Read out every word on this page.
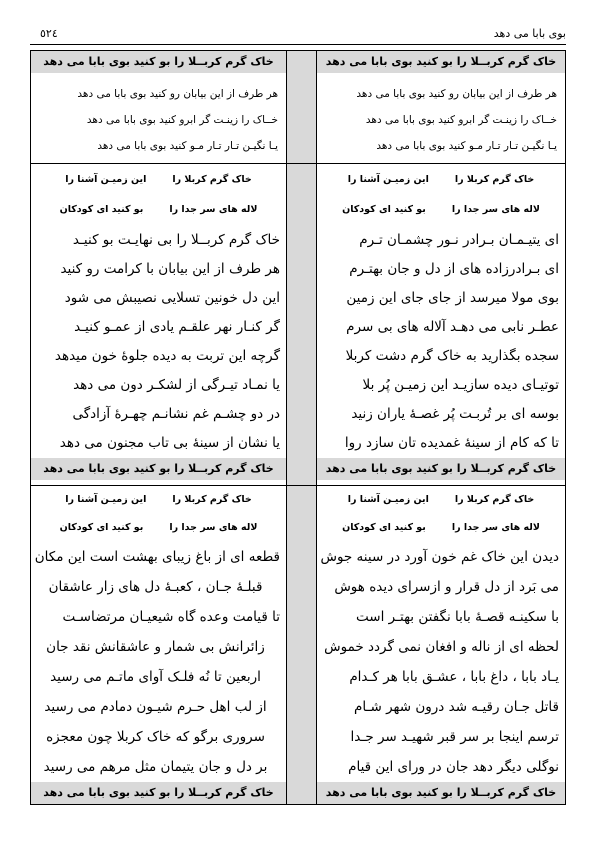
بوی بابا می دهد
٥٢٤
خاک گرم کربــلا را بو کنید بوی بابا می دهد
هر طرف از این بیابان رو کنید بوی بابا می دهد
خــاک را زینـت گر ابرو کنید بوی بابا می دهد
یـا نگیـن تـار تـار مـو کنید بوی بابا می دهد
خاک گرم کربلا رااین زمیـن آشنا را
لاله های سر جدا رابو کنید ای کودکان
ای یتیـمـان بـرادر نـور چشمـان تـرم
ای بـرادرزاده های از دل و جان بهتـرم
بوی مولا میرسد از جای جای این زمین
عطـر نابی می دهـد آلاله های بی سرم
سجده بگذارید به خاک گرم دشت کربلا
توتیـای دیده سازیـد این زمیـن پُر بلا
بوسه ای بر تُربـت پُر غصـهٔ یاران زنید
تا که کام از سینهٔ غمدیده تان سازد روا
خاک گرم کربــلا را بو کنید بوی بابا می دهد
خاک گرم کربلا رااین زمیـن آشنا را
لاله های سر جدا رابو کنید ای کودکان
دیدن این خاک غم خون آورد در سینه جوش
می بَرد از دل قرار و ازسرای دیده هوش
با سکینـه قصـهٔ بابا نگفتن بهتـر است
لحظه ای از ناله و افغان نمی گردد خموش
یـاد بابا ، داغ بابا ، عشـق بابا هر کـدام
قاتل جـان رقیـه شد درون شهر شـام
ترسم اینجا بر سر قبر شهیـد سر جـدا
نوگلی دیگر دهد جان در ورای این قیام
خاک گرم کربــلا را بو کنید بوی بابا می دهد
خاک گرم کربــلا را بو کنید بوی بابا می دهد
هر طرف از این بیابان رو کنید بوی بابا می دهد
خــاک را زینـت گر ابرو کنید بوی بابا می دهد
یـا نگیـن تـار تـار مـو کنید بوی بابا می دهد
خاک گرم کربلا رااین زمیـن آشنا را
لاله های سر جدا رابو کنید ای کودکان
خاک گرم کربــلا را بی نهایـت بو کنیـد
هر طرف از این بیابان با کرامت رو کنید
این دل خونین تسلایی نصیبش می شود
گر کنـار نهر علقـم یادی از عمـو کنیـد
گرچه این تربت به دیده جلوهٔ خون میدهد
یا نمـاد تیـرگی از لشکـر دون می دهد
در دو چشـم غم نشانـم چهـرهٔ آزادگی
یا نشان از سینهٔ بی تاب مجنون می دهد
خاک گرم کربــلا را بو کنید بوی بابا می دهد
خاک گرم کربلا رااین زمیـن آشنا را
لاله های سر جدا رابو کنید ای کودکان
قطعه ای از باغ زیبای بهشت است این مکان
قبلـهٔ جـان ، کعبـهٔ دل های زار عاشقان
تا قیامت وعده گاه شیعیـان مرتضاسـت
زائرانش بی شمار و عاشقانش نقد جان
اربعین تا نُه فلـک آوای ماتـم می رسید
از لب اهل حـرم شیـون دمادم می رسید
سروری برگو که خاک کربلا چون معجزه
بر دل و جان یتیمان مثل مرهم می رسید
خاک گرم کربــلا را بو کنید بوی بابا می دهد
